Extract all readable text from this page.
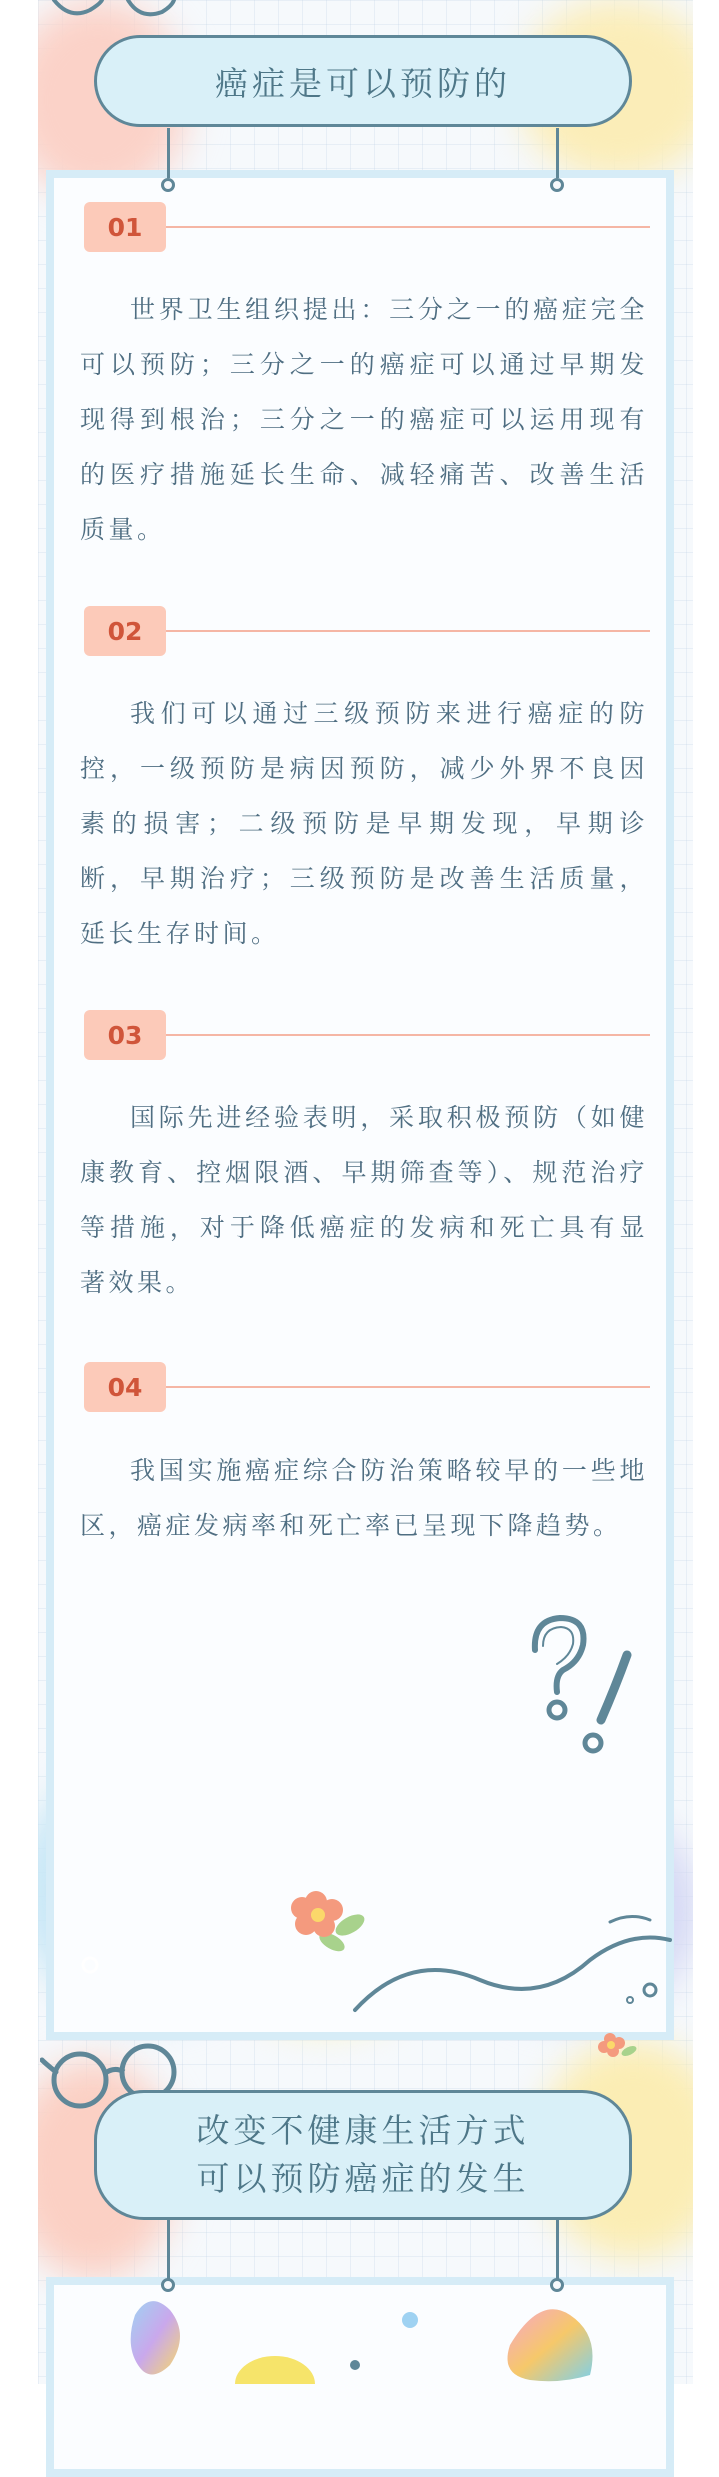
癌症是可以预防的
01

世界卫生组织提出：三分之一的癌症完全可以预防；三分之一的癌症可以通过早期发现得到根治；三分之一的癌症可以运用现有的医疗措施延长生命、减轻痛苦、改善生活质量。

02

我们可以通过三级预防来进行癌症的防控，一级预防是病因预防，减少外界不良因素的损害；二级预防是早期发现，早期诊断，早期治疗；三级预防是改善生活质量，延长生存时间。

03

国际先进经验表明，采取积极预防（如健康教育、控烟限酒、早期筛查等）、规范治疗等措施，对于降低癌症的发病和死亡具有显著效果。

04

我国实施癌症综合防治策略较早的一些地区，癌症发病率和死亡率已呈现下降趋势。

改变不健康生活方式
可以预防癌症的发生
